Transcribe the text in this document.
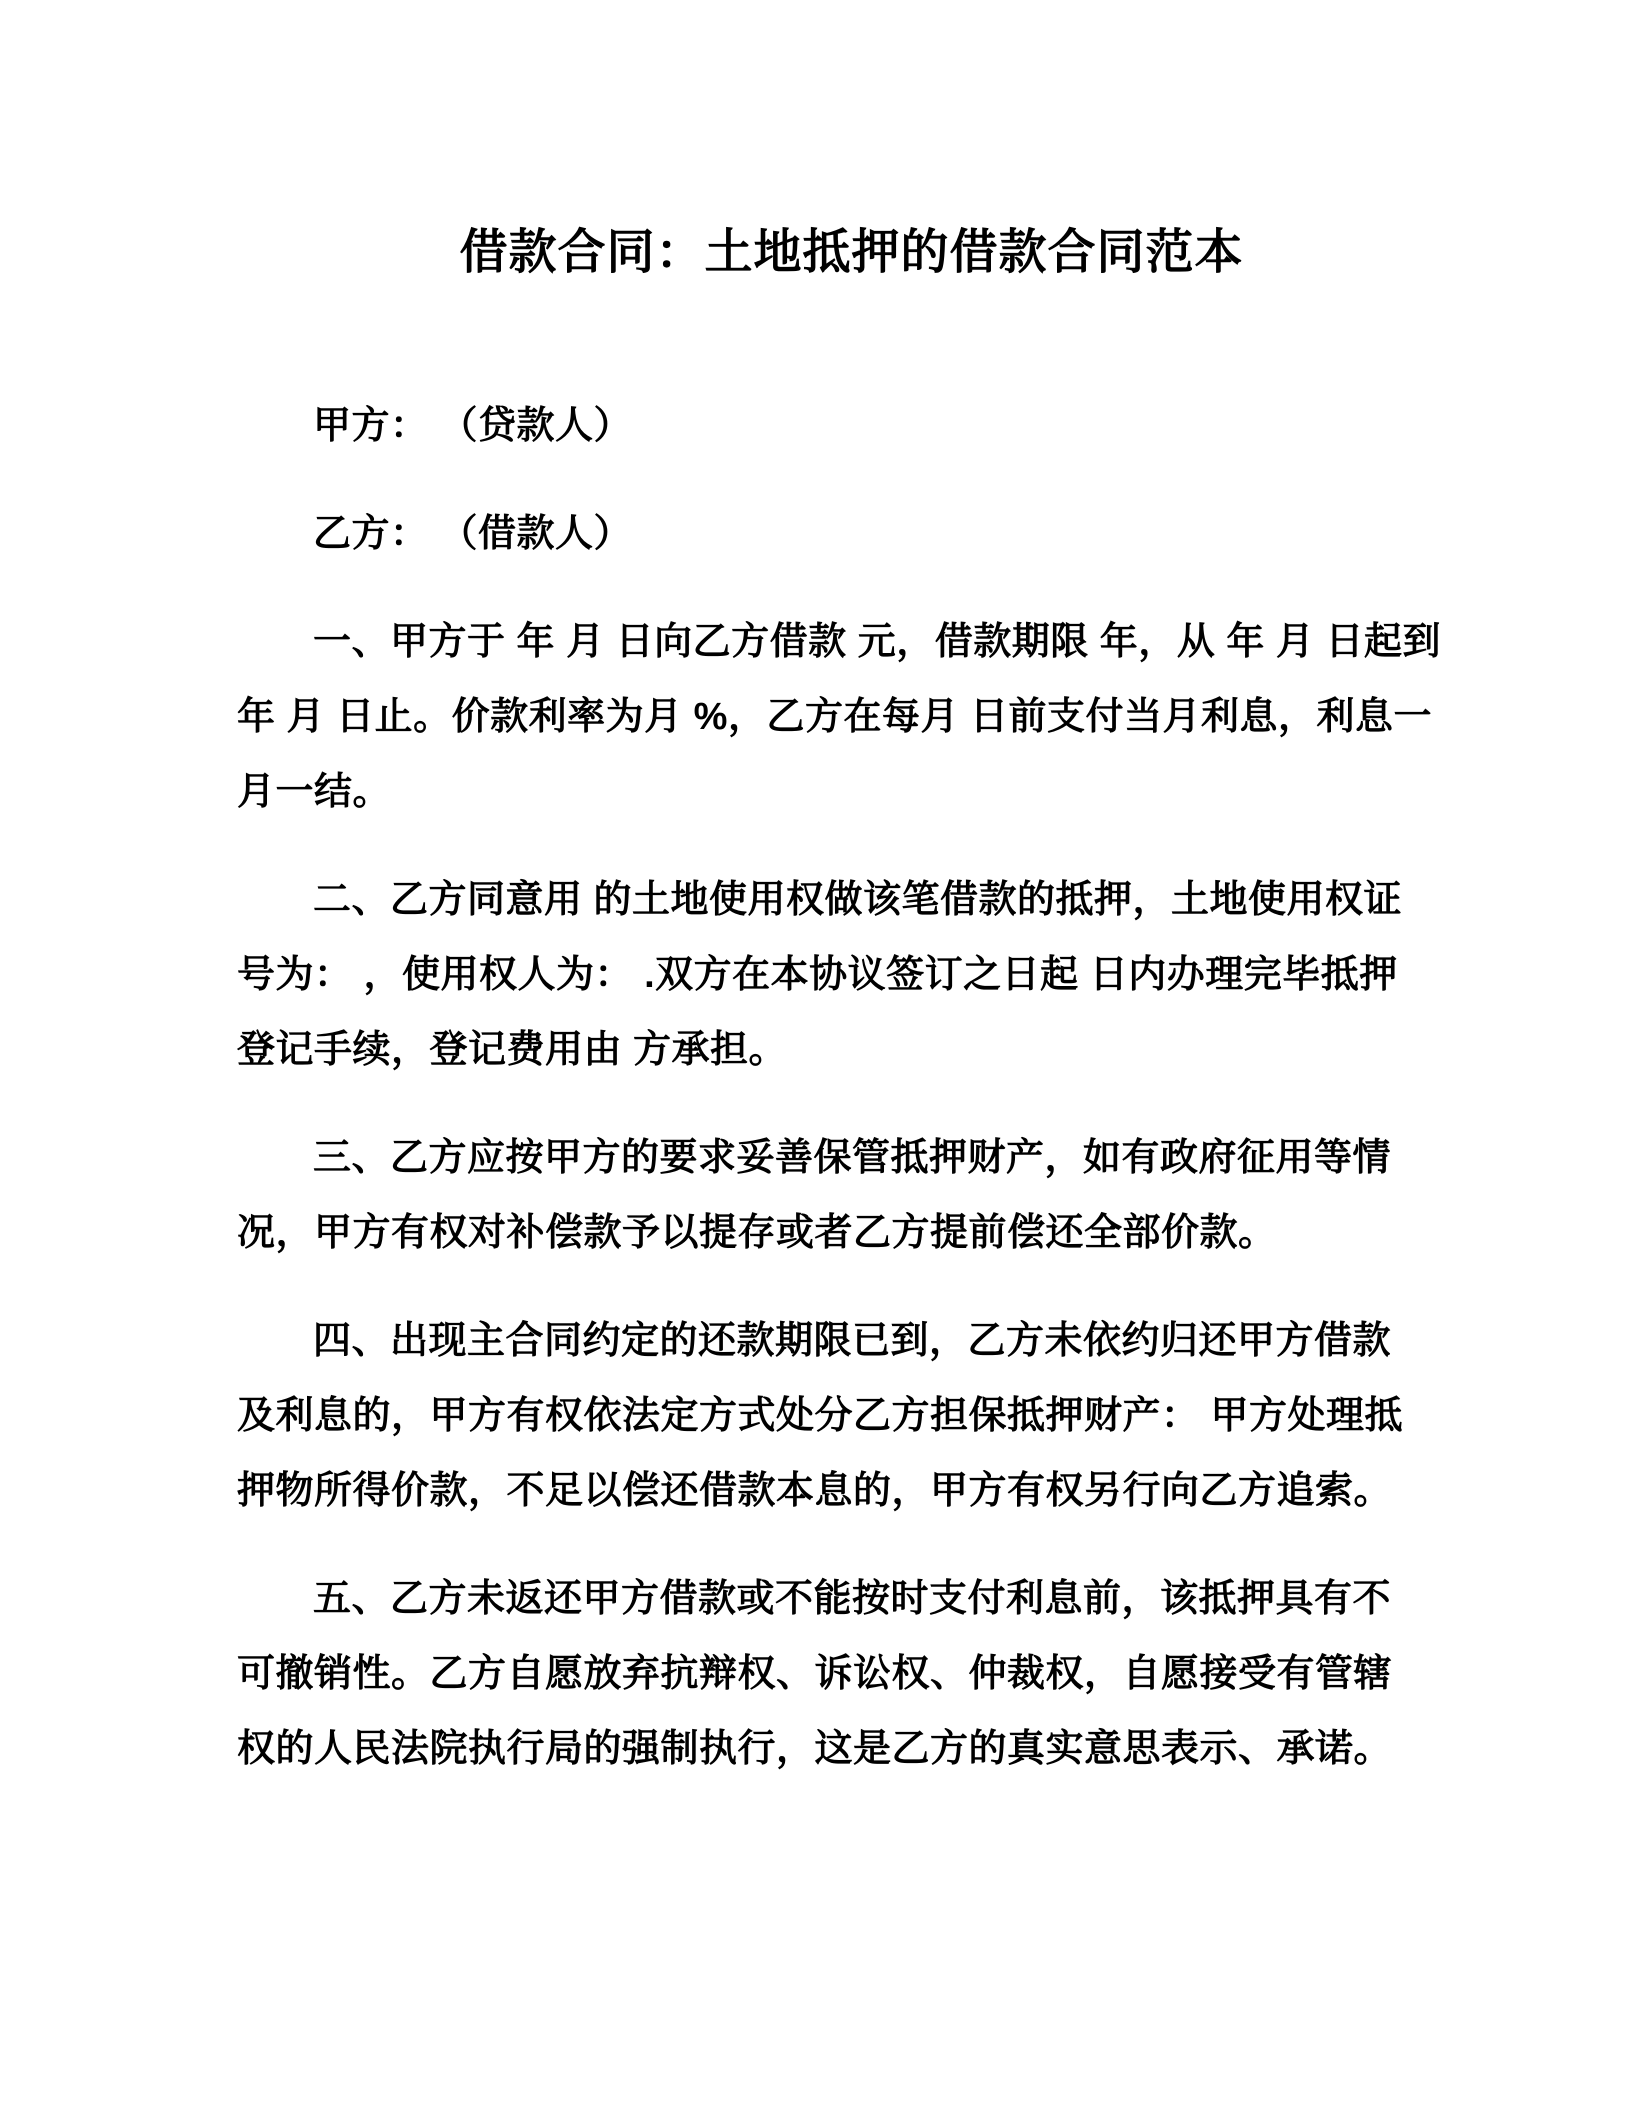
借款合同：土地抵押的借款合同范本
甲方： （贷款人）
乙方： （借款人）
一、甲方于 年 月 日向乙方借款 元，借款期限 年，从 年 月 日起到
年 月 日止。价款利率为月 %，乙方在每月 日前支付当月利息，利息一
月一结。
二、乙方同意用 的土地使用权做该笔借款的抵押，土地使用权证
号为： ，使用权人为： .双方在本协议签订之日起 日内办理完毕抵押
登记手续，登记费用由 方承担。
三、乙方应按甲方的要求妥善保管抵押财产，如有政府征用等情
况，甲方有权对补偿款予以提存或者乙方提前偿还全部价款。
四、出现主合同约定的还款期限已到，乙方未依约归还甲方借款
及利息的，甲方有权依法定方式处分乙方担保抵押财产： 甲方处理抵
押物所得价款，不足以偿还借款本息的，甲方有权另行向乙方追索。
五、乙方未返还甲方借款或不能按时支付利息前，该抵押具有不
可撤销性。乙方自愿放弃抗辩权、诉讼权、仲裁权，自愿接受有管辖
权的人民法院执行局的强制执行，这是乙方的真实意思表示、承诺。
